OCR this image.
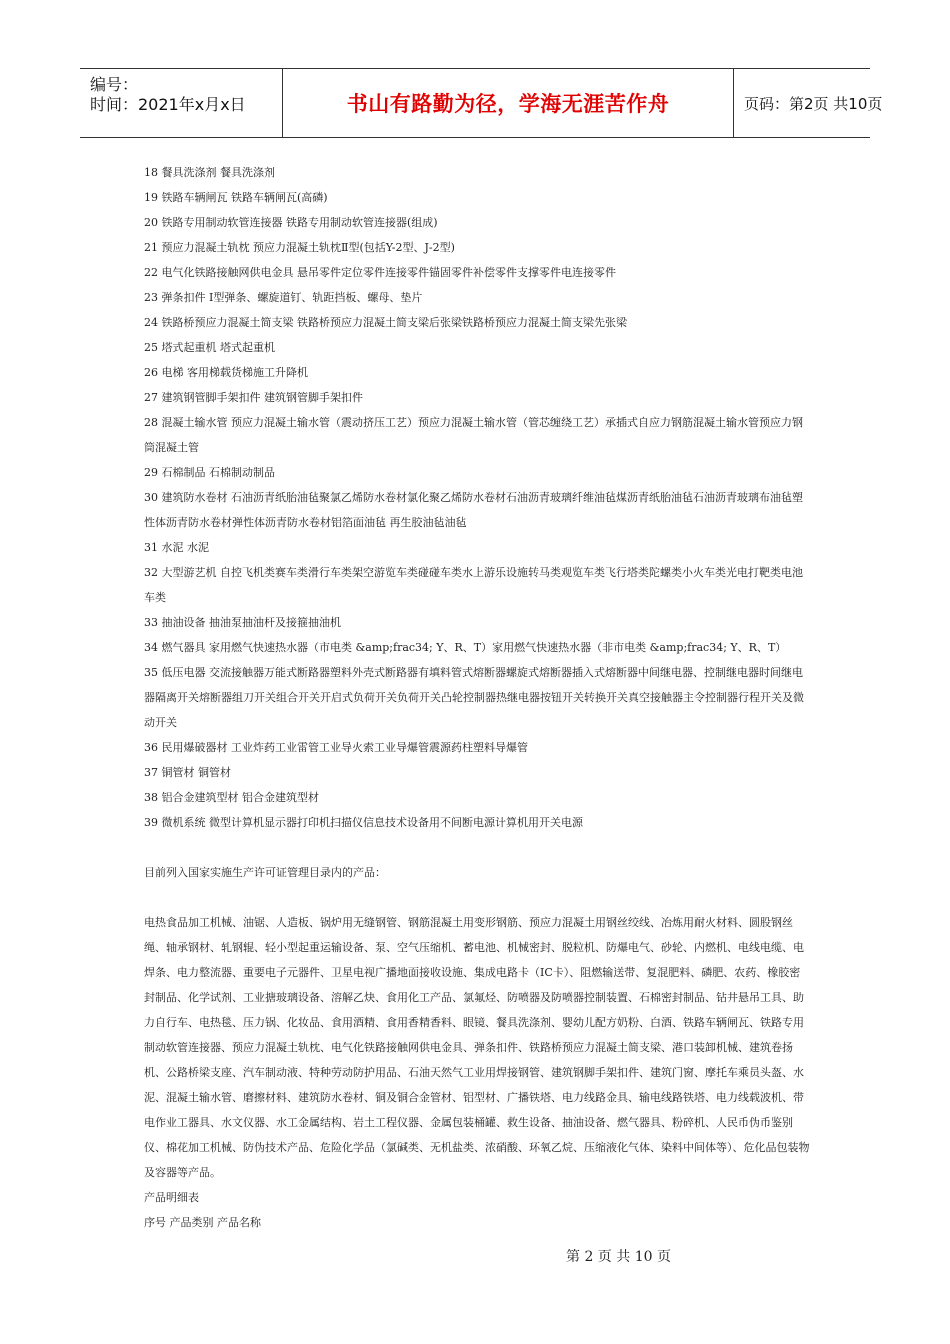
编号：
时间：2021年x月x日	书山有路勤为径，学海无涯苦作舟	页码：第2页 共10页

18 餐具洗涤剂 餐具洗涤剂

19 铁路车辆闸瓦 铁路车辆闸瓦(高磷)

20 铁路专用制动软管连接器 铁路专用制动软管连接器(组成)

21 预应力混凝土轨枕 预应力混凝土轨枕Ⅱ型(包括Y-2型、J-2型)

22 电气化铁路接触网供电金具 悬吊零件定位零件连接零件锚固零件补偿零件支撑零件电连接零件

23 弹条扣件 Ⅰ型弹条、螺旋道钉、轨距挡板、螺母、垫片

24 铁路桥预应力混凝土简支梁 铁路桥预应力混凝土简支梁后张梁铁路桥预应力混凝土简支梁先张梁

25 塔式起重机 塔式起重机

26 电梯 客用梯载货梯施工升降机

27 建筑钢管脚手架扣件 建筑钢管脚手架扣件

28 混凝土输水管 预应力混凝土输水管（震动挤压工艺）预应力混凝土输水管（管芯缠绕工艺）承插式自应力钢筋混凝土输水管预应力钢筒混凝土管

29 石棉制品 石棉制动制品

30 建筑防水卷材 石油沥青纸胎油毡聚氯乙烯防水卷材氯化聚乙烯防水卷材石油沥青玻璃纤维油毡煤沥青纸胎油毡石油沥青玻璃布油毡塑性体沥青防水卷材弹性体沥青防水卷材铝箔面油毡 再生胶油毡油毡

31 水泥 水泥

32 大型游艺机 自控飞机类赛车类滑行车类架空游览车类碰碰车类水上游乐设施转马类观览车类飞行塔类陀螺类小火车类光电打靶类电池车类

33 抽油设备 抽油泵抽油杆及接箍抽油机

34 燃气器具 家用燃气快速热水器（市电类 &amp;frac34; Y、R、T）家用燃气快速热水器（非市电类 &amp;frac34; Y、R、T）

35 低压电器 交流接触器万能式断路器塑料外壳式断路器有填料管式熔断器螺旋式熔断器插入式熔断器中间继电器、控制继电器时间继电器隔离开关熔断器组刀开关组合开关开启式负荷开关负荷开关凸轮控制器热继电器按钮开关转换开关真空接触器主令控制器行程开关及微动开关

36 民用爆破器材 工业炸药工业雷管工业导火索工业导爆管震源药柱塑料导爆管

37 铜管材 铜管材

38 铝合金建筑型材 铝合金建筑型材

39 微机系统 微型计算机显示器打印机扫描仪信息技术设备用不间断电源计算机用开关电源

目前列入国家实施生产许可证管理目录内的产品：

电热食品加工机械、油锯、人造板、锅炉用无缝钢管、钢筋混凝土用变形钢筋、预应力混凝土用钢丝绞线、冶炼用耐火材料、圆股钢丝绳、轴承钢材、轧钢辊、轻小型起重运输设备、泵、空气压缩机、蓄电池、机械密封、脱粒机、防爆电气、砂轮、内燃机、电线电缆、电焊条、电力整流器、重要电子元器件、卫星电视广播地面接收设施、集成电路卡（IC卡）、阻燃输送带、复混肥料、磷肥、农药、橡胶密封制品、化学试剂、工业搪玻璃设备、溶解乙炔、食用化工产品、氯氟烃、防喷器及防喷器控制装置、石棉密封制品、钻井悬吊工具、助力自行车、电热毯、压力锅、化妆品、食用酒精、食用香精香料、眼镜、餐具洗涤剂、婴幼儿配方奶粉、白酒、铁路车辆闸瓦、铁路专用制动软管连接器、预应力混凝土轨枕、电气化铁路接触网供电金具、弹条扣件、铁路桥预应力混凝土简支梁、港口装卸机械、建筑卷扬机、公路桥梁支座、汽车制动液、特种劳动防护用品、石油天然气工业用焊接钢管、建筑钢脚手架扣件、建筑门窗、摩托车乘员头盔、水泥、混凝土输水管、磨擦材料、建筑防水卷材、铜及铜合金管材、铝型材、广播铁塔、电力线路金具、输电线路铁塔、电力线载波机、带电作业工器具、水文仪器、水工金属结构、岩土工程仪器、金属包装桶罐、救生设备、抽油设备、燃气器具、粉碎机、人民币伪币鉴别仪、棉花加工机械、防伪技术产品、危险化学品（氯碱类、无机盐类、浓硝酸、环氧乙烷、压缩液化气体、染料中间体等）、危化品包装物及容器等产品。

产品明细表

序号 产品类别 产品名称

第 2 页 共 10 页
